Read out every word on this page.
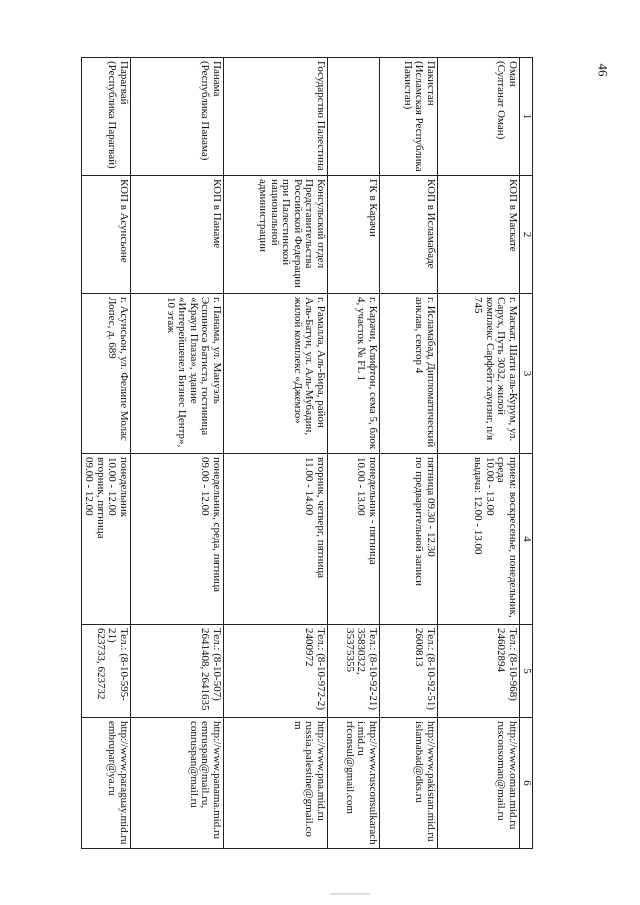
46
1	2	3	4	5	6
Оман
(Султанат Оман)	КОП в Маскате	г. Маскат, Шати аль-Курум, ул. Сарух, Путь 3032, жилой комплекс Сарфейт хауизнг, п/я 745	прием: воскресенье, понедельник, среда
10.00 - 13.00
выдача: 12.00 - 13.00	Тел.: (8-10-968)
24602894	http://www.oman.mid.ru
rusconsoman@mail.ru
Пакистан
(Исламская Республика Пакистан)	КОП в Исламабаде	г. Исламабад, Дипломатический анклав, сектор 4	пятница 09.30 - 12.30
по предварительной записи	Тел.: (8-10-92-51)
2600813	http://www.pakistan.mid.ru
islamabad@dks.ru
	ГК в Карачи	г. Карачи, Клифтон, сема 5, блок 4, участок № FL 1	понедельник - пятница
10.00 - 13.00	Тел.: (8-10-92-21)
35830322, 35375355	http://www.rusconsulkarachi.mid.ru
rfconsul@gmail.com
Государство Палестина	Консульский отдел Представительства Российской Федерации при Палестинской национальной администрации	г. Рамалла, Аль-Бира, район Аль-Батун, ул. Аль-Мубадин, жилой комплекс «Джемзо»	вторник, четверг, пятница
11.00 - 14.00	Тел.: (8-10-972-2)
2400972	http://www.pna.mid.ru
russia.palestine@gmail.com
Панама
(Республика Панама)	КОП в Панаме	г. Панама, ул. Мануэль Эспиноса Батиста, гостиница «Краун Плаза», здание «Интерейшенел Бизнес Центр», 10 этаж	понедельник, среда, пятница
09.00 - 12.00	Тел.: (8-10-507)
2641408, 2641635	http://www.panama.mid.ru
emruspan@mail.ru,
conruspan@mail.ru
Парагвай
(Республика Парагвай)	КОП в Асунсьоне	г. Асунсьон, ул. Фелипе Молас Лопес, д. 689	понедельник
10.00 - 12.00
вторник, пятница
09.00 - 12.00	Тел.: (8-10-595-21)
623733, 623732	http://www.paraguay.mid.ru
embrupar@ya.ru
